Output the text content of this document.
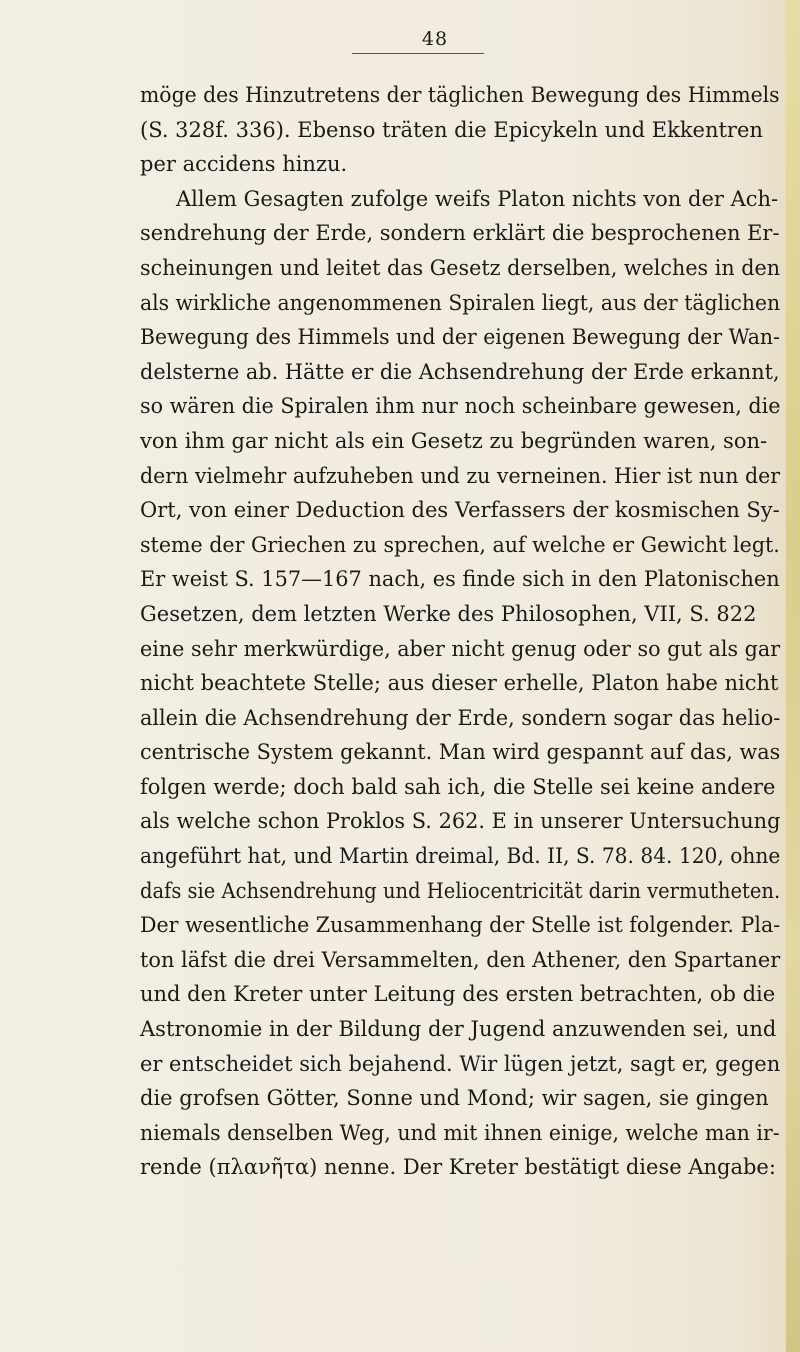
48
möge des Hinzutretens der täglichen Bewegung des Himmels
(S. 328f. 336). Ebenso träten die Epicykeln und Ekkentren
per accidens hinzu.
Allem Gesagten zufolge weifs Platon nichts von der Ach-
sendrehung der Erde, sondern erklärt die besprochenen Er-
scheinungen und leitet das Gesetz derselben, welches in den
als wirkliche angenommenen Spiralen liegt, aus der täglichen
Bewegung des Himmels und der eigenen Bewegung der Wan-
delsterne ab. Hätte er die Achsendrehung der Erde erkannt,
so wären die Spiralen ihm nur noch scheinbare gewesen, die
von ihm gar nicht als ein Gesetz zu begründen waren, son-
dern vielmehr aufzuheben und zu verneinen. Hier ist nun der
Ort, von einer Deduction des Verfassers der kosmischen Sy-
steme der Griechen zu sprechen, auf welche er Gewicht legt.
Er weist S. 157—167 nach, es finde sich in den Platonischen
Gesetzen, dem letzten Werke des Philosophen, VII, S. 822
eine sehr merkwürdige, aber nicht genug oder so gut als gar
nicht beachtete Stelle; aus dieser erhelle, Platon habe nicht
allein die Achsendrehung der Erde, sondern sogar das helio-
centrische System gekannt. Man wird gespannt auf das, was
folgen werde; doch bald sah ich, die Stelle sei keine andere
als welche schon Proklos S. 262. E in unserer Untersuchung
angeführt hat, und Martin dreimal, Bd. II, S. 78. 84. 120, ohne
dafs sie Achsendrehung und Heliocentricität darin vermutheten.
Der wesentliche Zusammenhang der Stelle ist folgender. Pla-
ton läfst die drei Versammelten, den Athener, den Spartaner
und den Kreter unter Leitung des ersten betrachten, ob die
Astronomie in der Bildung der Jugend anzuwenden sei, und
er entscheidet sich bejahend. Wir lügen jetzt, sagt er, gegen
die grofsen Götter, Sonne und Mond; wir sagen, sie gingen
niemals denselben Weg, und mit ihnen einige, welche man ir-
rende (πλανῆτα) nenne. Der Kreter bestätigt diese Angabe:
